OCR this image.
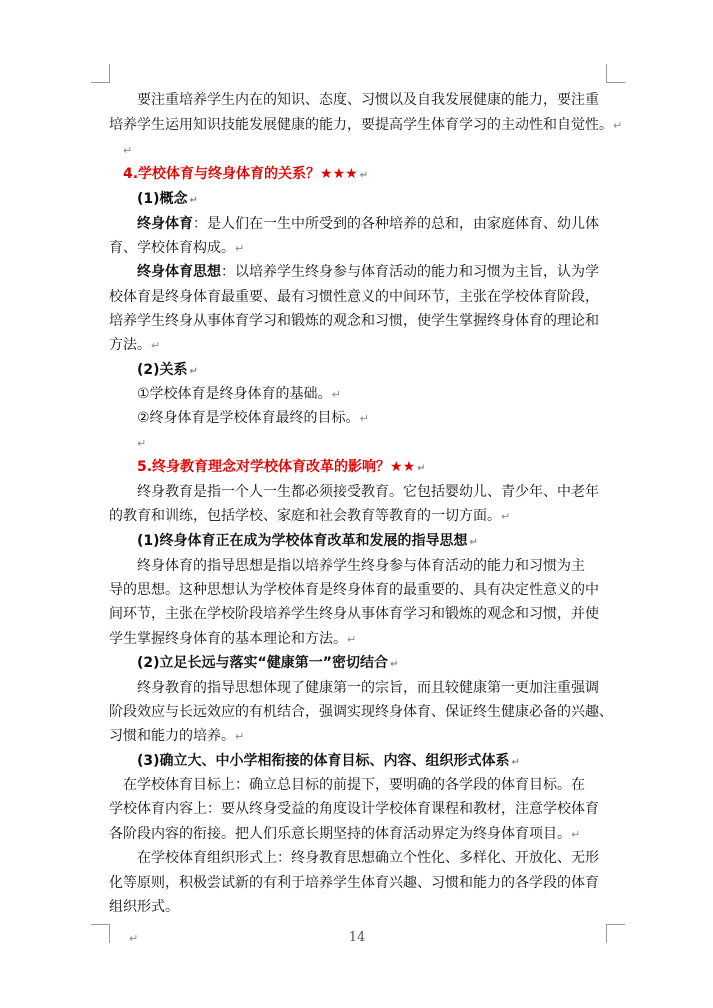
要注重培养学生内在的知识、态度、习惯以及自我发展健康的能力，要注重
培养学生运用知识技能发展健康的能力，要提高学生体育学习的主动性和自觉性。↵
↵
4.学校体育与终身体育的关系？★★★ ↵
(1)概念 ↵
终身体育：是人们在一生中所受到的各种培养的总和，由家庭体育、幼儿体
育、学校体育构成。↵
终身体育思想：以培养学生终身参与体育活动的能力和习惯为主旨，认为学
校体育是终身体育最重要、最有习惯性意义的中间环节，主张在学校体育阶段，
培养学生终身从事体育学习和锻炼的观念和习惯，使学生掌握终身体育的理论和
方法。↵
(2)关系 ↵
①学校体育是终身体育的基础。↵
②终身体育是学校体育最终的目标。↵
↵
5.终身教育理念对学校体育改革的影响？★★ ↵
终身教育是指一个人一生都必须接受教育。它包括婴幼儿、青少年、中老年
的教育和训练，包括学校、家庭和社会教育等教育的一切方面。↵
(1)终身体育正在成为学校体育改革和发展的指导思想 ↵
终身体育的指导思想是指以培养学生终身参与体育活动的能力和习惯为主
导的思想。这种思想认为学校体育是终身体育的最重要的、具有决定性意义的中
间环节，主张在学校阶段培养学生终身从事体育学习和锻炼的观念和习惯，并使
学生掌握终身体育的基本理论和方法。↵
(2)立足长远与落实“健康第一”密切结合 ↵
终身教育的指导思想体现了健康第一的宗旨，而且较健康第一更加注重强调
阶段效应与长远效应的有机结合，强调实现终身体育、保证终生健康必备的兴趣、
习惯和能力的培养。↵
(3)确立大、中小学相衔接的体育目标、内容、组织形式体系 ↵
在学校体育目标上：确立总目标的前提下，要明确的各学段的体育目标。在
学校体育内容上：要从终身受益的角度设计学校体育课程和教材，注意学校体育
各阶段内容的衔接。把人们乐意长期坚持的体育活动界定为终身体育项目。↵
在学校体育组织形式上：终身教育思想确立个性化、多样化、开放化、无形
化等原则，积极尝试新的有利于培养学生体育兴趣、习惯和能力的各学段的体育
组织形式。
↵	14
